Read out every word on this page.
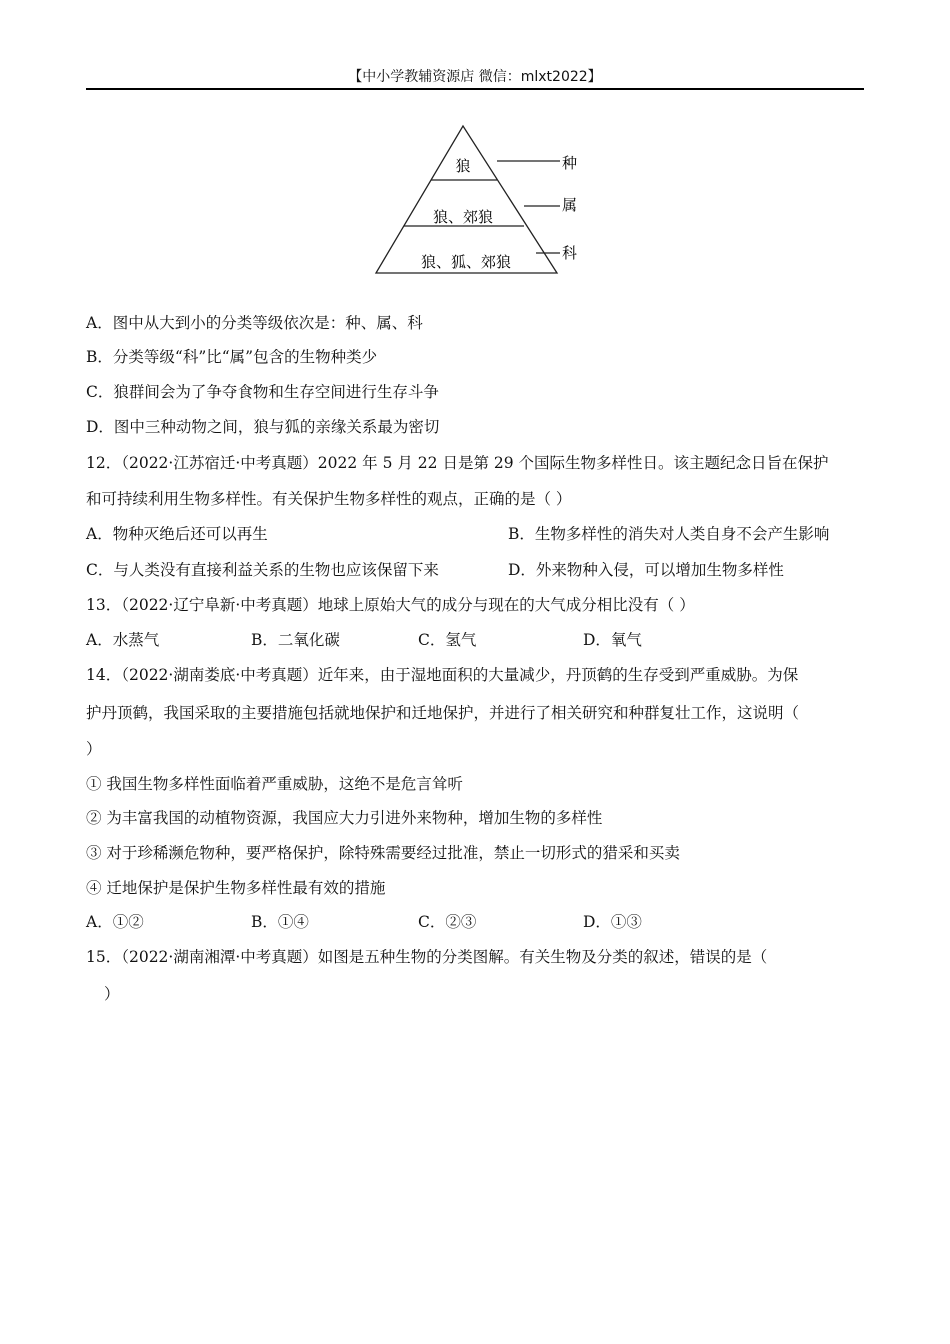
【中小学教辅资源店 微信：mlxt2022】
狼
狼、郊狼
狼、狐、郊狼
种
属
科
A．图中从大到小的分类等级依次是：种、属、科
B．分类等级“科”比“属”包含的生物种类少
C．狼群间会为了争夺食物和生存空间进行生存斗争
D．图中三种动物之间，狼与狐的亲缘关系最为密切
12．（2022·江苏宿迁·中考真题）2022 年 5 月 22 日是第 29 个国际生物多样性日。该主题纪念日旨在保护
和可持续利用生物多样性。有关保护生物多样性的观点，正确的是（ ）
A．物种灭绝后还可以再生	B．生物多样性的消失对人类自身不会产生影响
C．与人类没有直接利益关系的生物也应该保留下来	D．外来物种入侵，可以增加生物多样性
13．（2022·辽宁阜新·中考真题）地球上原始大气的成分与现在的大气成分相比没有（ ）
A．水蒸气	B．二氧化碳	C．氢气	D．氧气
14．（2022·湖南娄底·中考真题）近年来，由于湿地面积的大量减少，丹顶鹤的生存受到严重威胁。为保
护丹顶鹤，我国采取的主要措施包括就地保护和迁地保护，并进行了相关研究和种群复壮工作，这说明（
）
① 我国生物多样性面临着严重威胁，这绝不是危言耸听
② 为丰富我国的动植物资源，我国应大力引进外来物种，增加生物的多样性
③ 对于珍稀濒危物种，要严格保护，除特殊需要经过批准，禁止一切形式的猎采和买卖
④ 迁地保护是保护生物多样性最有效的措施
A．①②	B．①④	C．②③	D．①③
15．（2022·湖南湘潭·中考真题）如图是五种生物的分类图解。有关生物及分类的叙述，错误的是（
）
